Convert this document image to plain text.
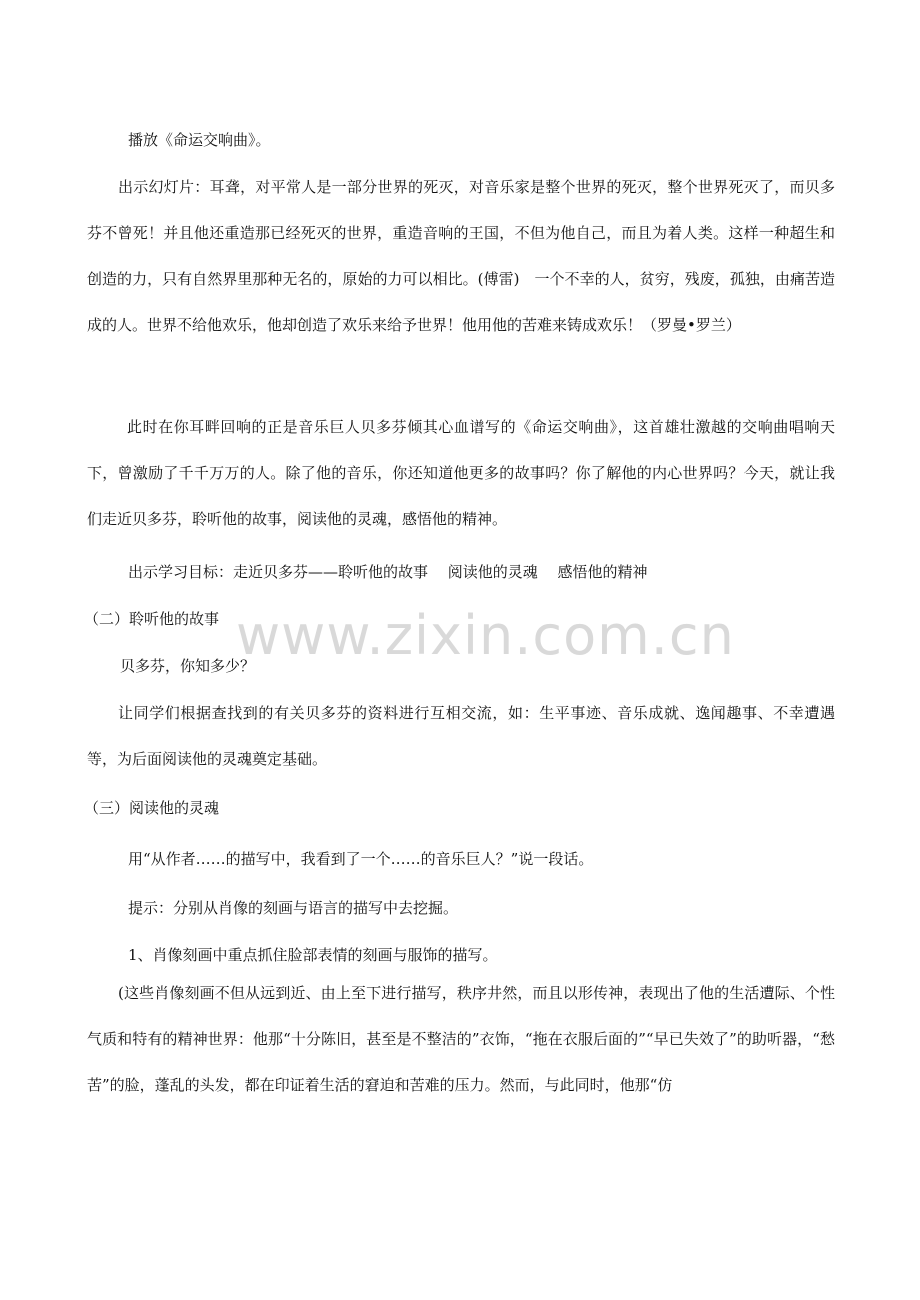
www.zixin.com.cn
播放《命运交响曲》。
出示幻灯片：耳聋，对平常人是一部分世界的死灭，对音乐家是整个世界的死灭，整个世界死灭了，而贝多芬不曾死！并且他还重造那已经死灭的世界，重造音响的王国，不但为他自己，而且为着人类。这样一种超生和创造的力，只有自然界里那种无名的，原始的力可以相比。(傅雷)　一个不幸的人，贫穷，残废，孤独，由痛苦造成的人。世界不给他欢乐，他却创造了欢乐来给予世界！他用他的苦难来铸成欢乐！（罗曼•罗兰）
此时在你耳畔回响的正是音乐巨人贝多芬倾其心血谱写的《命运交响曲》，这首雄壮激越的交响曲唱响天下，曾激励了千千万万的人。除了他的音乐，你还知道他更多的故事吗？你了解他的内心世界吗？今天，就让我们走近贝多芬，聆听他的故事，阅读他的灵魂，感悟他的精神。
出示学习目标：走近贝多芬——聆听他的故事　 阅读他的灵魂　 感悟他的精神
（二）聆听他的故事
贝多芬，你知多少？
让同学们根据查找到的有关贝多芬的资料进行互相交流，如：生平事迹、音乐成就、逸闻趣事、不幸遭遇等，为后面阅读他的灵魂奠定基础。
（三）阅读他的灵魂
用“从作者……的描写中，我看到了一个……的音乐巨人？”说一段话。
提示：分别从肖像的刻画与语言的描写中去挖掘。
1、肖像刻画中重点抓住脸部表情的刻画与服饰的描写。
(这些肖像刻画不但从远到近、由上至下进行描写，秩序井然，而且以形传神，表现出了他的生活遭际、个性气质和特有的精神世界：他那“十分陈旧，甚至是不整洁的”衣饰，“拖在衣服后面的”“早已失效了”的助听器，“愁苦”的脸，蓬乱的头发，都在印证着生活的窘迫和苦难的压力。然而，与此同时，他那“仿
